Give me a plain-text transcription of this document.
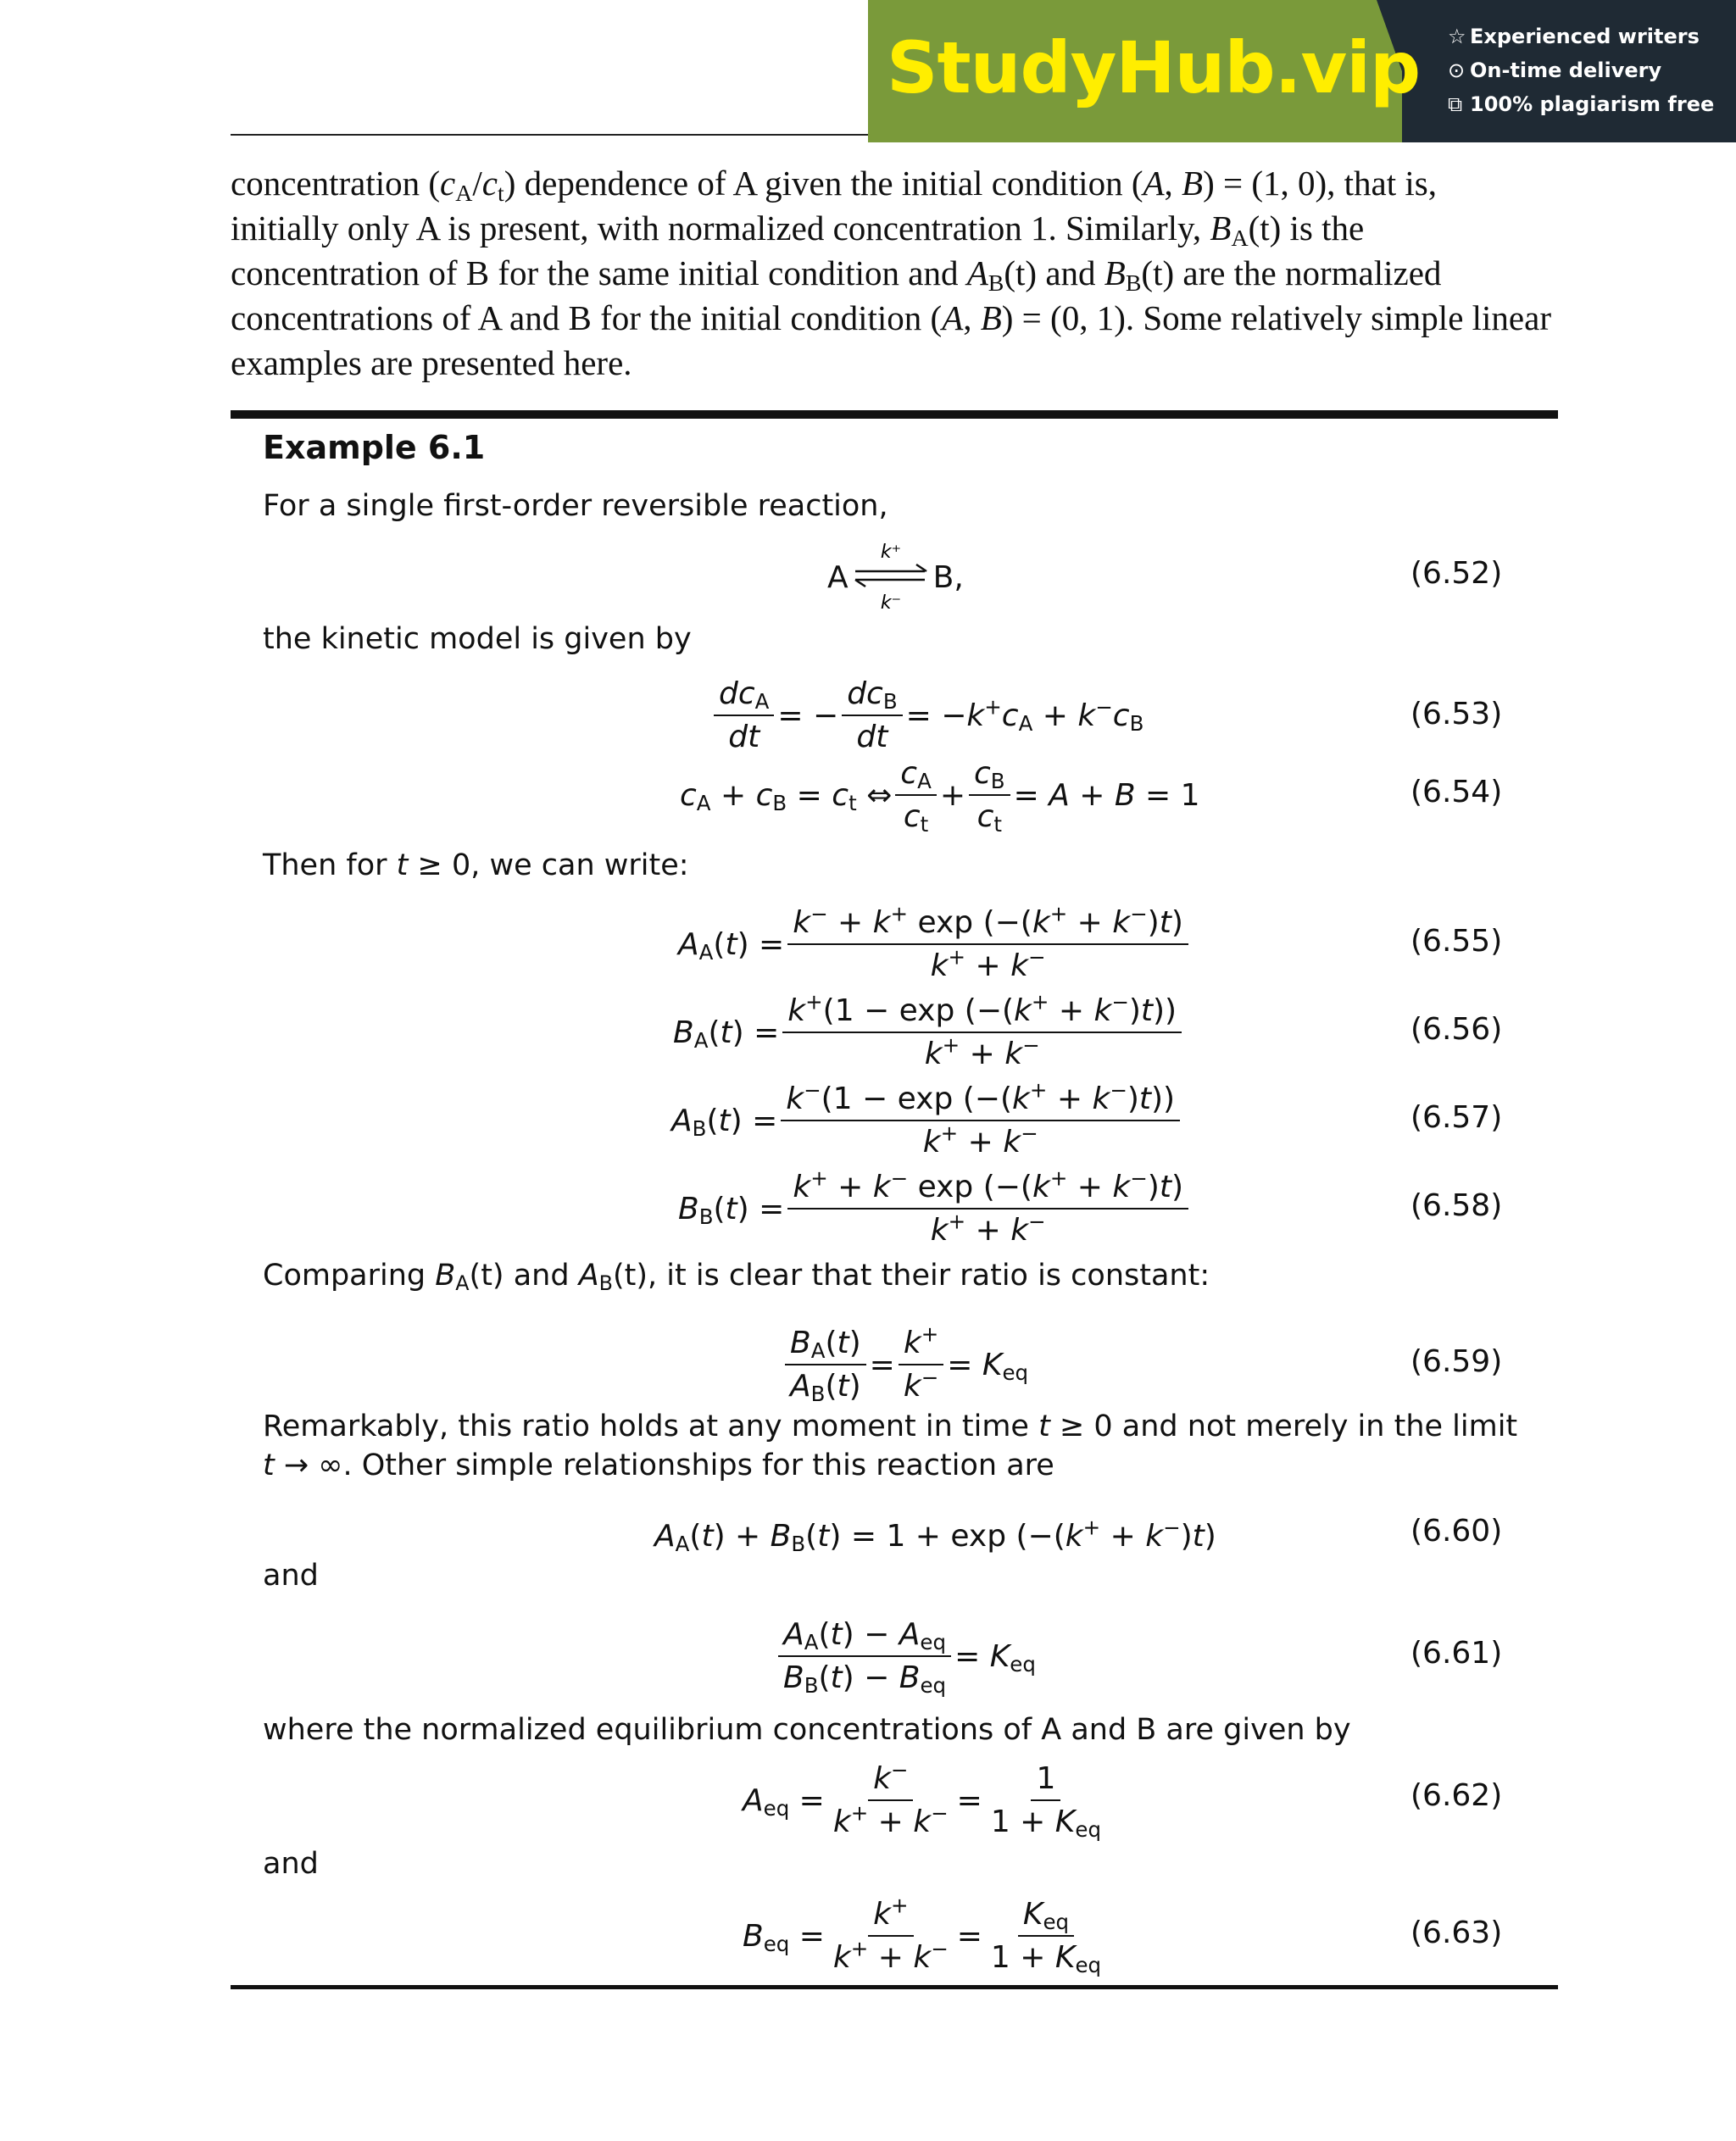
StudyHub.vip ☆ Experienced writers
⊙ On-time delivery
⧉ 100% plagiarism free

concentration $(c_A/c_t)$ dependence of A given the initial condition (A, B) = (1, 0), that is,

initially only A is present, with normalized concentration 1. Similarly, $B_A(t)$ is the

concentration of B for the same initial condition and $A_B(t)$ and $B_B(t)$ are the normalized

concentrations of A and B for the initial condition (A, B) = (0, 1). Some relatively simple linear

examples are presented here.

Example 6.1
For a single first-order reversible reaction,
A
k⁺
k⁻
B,	(6.52)
the kinetic model is given by
$\frac{dc_A}{dt}$ = − $\frac{dc_B}{dt} = -k^+c_A + k^-c_B$	(6.53)
$c_A + c_B = c_t$ ⇔ $\frac{c_A}{c_t} + \frac{c_B}{c_t} = A + B = 1$	(6.54)
Then for t ≥ 0, we can write:
$A_A(t) = \frac{k^- + k^+ \exp (-(k^+ + k^-)t)}{k^+ + k^-}$	(6.55)
$B_A(t) = \frac{k^+(1 - \exp (-(k^+ + k^-)t))}{k^+ + k^-}$	(6.56)
$A_B(t) = \frac{k^-(1 - \exp (-(k^+ + k^-)t))}{k^+ + k^-}$	(6.57)
$B_B(t) = \frac{k^+ + k^- \exp (-(k^+ + k^-)t)}{k^+ + k^-}$	(6.58)
Comparing $B_A(t)$ and $A_B(t)$, it is clear that their ratio is constant:
$\frac{B_A(t)}{A_B(t)} = \frac{k^+}{k^-} = K_{eq}$	(6.59)
Remarkably, this ratio holds at any moment in time t ≥ 0 and not merely in the limit t → ∞. Other simple relationships for this reaction are
$A_A(t) + B_B(t) = 1 + \exp (-(k^+ + k^-)t)$	(6.60)
and
$\frac{A_A(t) - A_{eq}}{B_B(t) - B_{eq}} = K_{eq}$	(6.61)
where the normalized equilibrium concentrations of A and B are given by
$A_{eq} = \frac{k^-}{k^+ + k^-} = \frac{1}{1 + K_{eq}}$	(6.62)
and
$B_{eq} = \frac{k^+}{k^+ + k^-} = \frac{K_{eq}}{1 + K_{eq}}$	(6.63)
